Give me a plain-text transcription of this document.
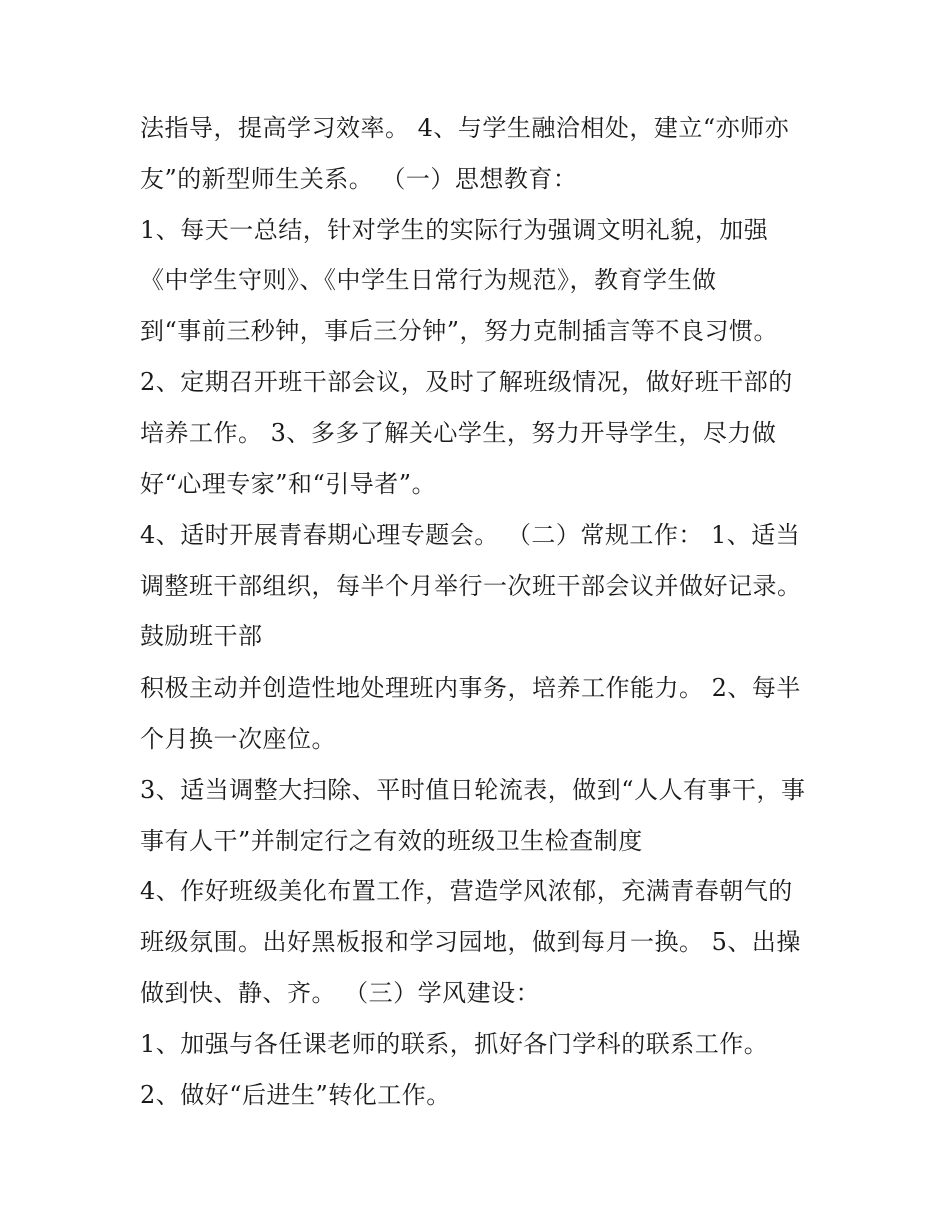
法指导，提高学习效率。 4、与学生融洽相处，建立“亦师亦
友”的新型师生关系。 （一）思想教育：
1、每天一总结，针对学生的实际行为强调文明礼貌，加强
《中学生守则》、《中学生日常行为规范》，教育学生做
到“事前三秒钟，事后三分钟”，努力克制插言等不良习惯。
2、定期召开班干部会议，及时了解班级情况，做好班干部的
培养工作。 3、多多了解关心学生，努力开导学生，尽力做
好“心理专家”和“引导者”。
4、适时开展青春期心理专题会。 （二）常规工作： 1、适当
调整班干部组织，每半个月举行一次班干部会议并做好记录。
鼓励班干部
积极主动并创造性地处理班内事务，培养工作能力。 2、每半
个月换一次座位。
3、适当调整大扫除、平时值日轮流表，做到“人人有事干，事
事有人干”并制定行之有效的班级卫生检查制度
4、作好班级美化布置工作，营造学风浓郁，充满青春朝气的
班级氛围。出好黑板报和学习园地，做到每月一换。 5、出操
做到快、静、齐。 （三）学风建设：
1、加强与各任课老师的联系，抓好各门学科的联系工作。
2、做好“后进生”转化工作。
